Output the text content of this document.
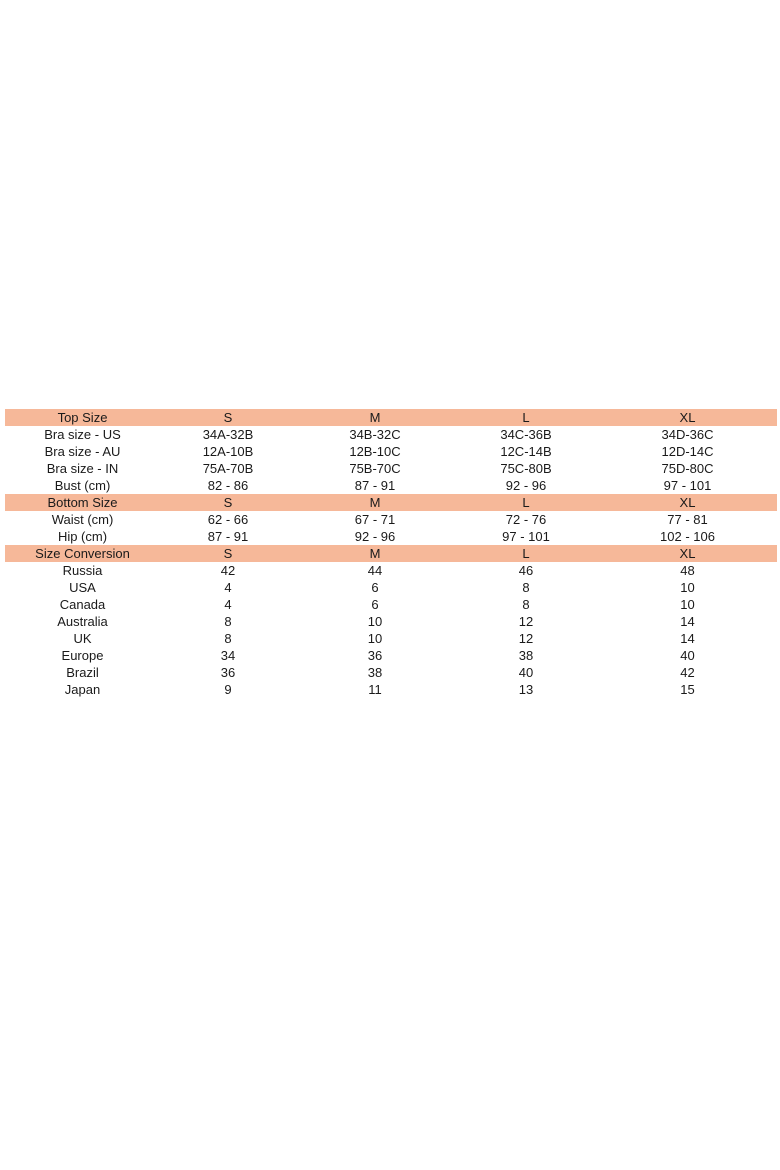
Top Size	S	M	L	XL
Bra size - US	34A-32B	34B-32C	34C-36B	34D-36C
Bra size - AU	12A-10B	12B-10C	12C-14B	12D-14C
Bra size - IN	75A-70B	75B-70C	75C-80B	75D-80C
Bust (cm)	82 - 86	87 - 91	92 - 96	97 - 101
Bottom Size	S	M	L	XL
Waist (cm)	62 - 66	67 - 71	72 - 76	77 - 81
Hip (cm)	87 - 91	92 - 96	97 - 101	102 - 106
Size Conversion	S	M	L	XL
Russia	42	44	46	48
USA	4	6	8	10
Canada	4	6	8	10
Australia	8	10	12	14
UK	8	10	12	14
Europe	34	36	38	40
Brazil	36	38	40	42
Japan	9	11	13	15
